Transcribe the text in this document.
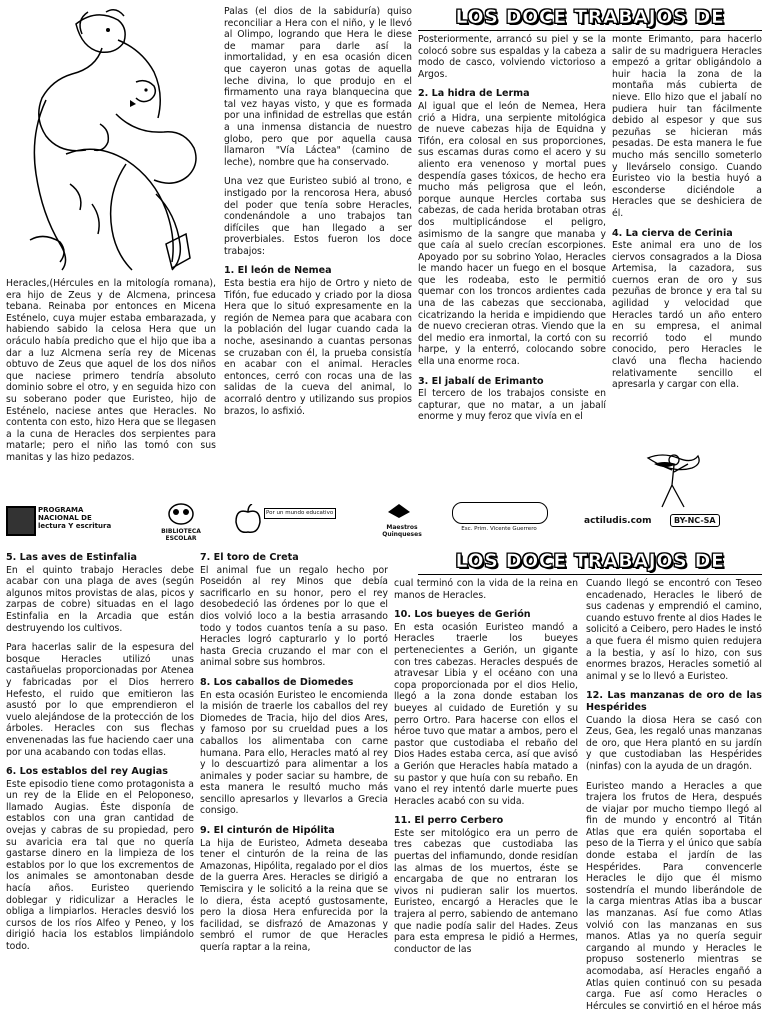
LOS DOCE TRABAJOS DE

Heracles,(Hércules en la mitología romana), era hijo de Zeus y de Alcmena, princesa tebana. Reinaba por entonces en Micena Esténelo, cuya mujer estaba embarazada, y habiendo sabido la celosa Hera que un oráculo había predicho que el hijo que iba a dar a luz Alcmena sería rey de Micenas obtuvo de Zeus que aquel de los dos niños que naciese primero tendría absoluto dominio sobre el otro, y en seguida hizo con su soberano poder que Euristeo, hijo de Esténelo, naciese antes que Heracles. No contenta con esto, hizo Hera que se llegasen a la cuna de Heracles dos serpientes para matarle; pero el niño las tomó con sus manitas y las hizo pedazos.

Palas (el dios de la sabiduría) quiso reconciliar a Hera con el niño, y le llevó al Olimpo, logrando que Hera le diese de mamar para darle así la inmortalidad, y en esa ocasión dicen que cayeron unas gotas de aquella leche divina, lo que produjo en el firmamento una raya blanquecina que tal vez hayas visto, y que es formada por una infinidad de estrellas que están a una inmensa distancia de nuestro globo, pero que por aquella causa llamaron "Vía Láctea" (camino de leche), nombre que ha conservado.

Una vez que Euristeo subió al trono, e instigado por la rencorosa Hera, abusó del poder que tenía sobre Heracles, condenándole a uno trabajos tan difíciles que han llegado a ser proverbiales. Estos fueron los doce trabajos:

1. El león de Nemea

Esta bestia era hijo de Ortro y nieto de Tifón, fue educado y criado por la diosa Hera que lo situó expresamente en la región de Nemea para que acabara con la población del lugar cuando cada la noche, asesinando a cuantas personas se cruzaban con él, la prueba consistía en acabar con el animal. Heracles entonces, cerró con rocas una de las salidas de la cueva del animal, lo acorraló dentro y utilizando sus propios brazos, lo asfixió.

Posteriormente, arrancó su piel y se la colocó sobre sus espaldas y la cabeza a modo de casco, volviendo victorioso a Argos.

2. La hidra de Lerma

Al igual que el león de Nemea, Hera crió a Hidra, una serpiente mitológica de nueve cabezas hija de Equidna y Tifón, era colosal en sus proporciones, sus escamas duras como el acero y su aliento era venenoso y mortal pues despendía gases tóxicos, de hecho era mucho más peligrosa que el león, porque aunque Hercles cortaba sus cabezas, de cada herida brotaban otras dos multiplicándose el peligro, asimismo de la sangre que manaba y que caía al suelo crecían escorpiones. Apoyado por su sobrino Yolao, Heracles le mando hacer un fuego en el bosque que les rodeaba, esto le permitió quemar con los troncos ardientes cada una de las cabezas que seccionaba, cicatrizando la herida e impidiendo que de nuevo crecieran otras. Viendo que la del medio era inmortal, la cortó con su harpe, y la enterró, colocando sobre ella una enorme roca.

3. El jabalí de Erimanto

El tercero de los trabajos consiste en capturar, que no matar, a un jabalí enorme y muy feroz que vivía en el

monte Erimanto, para hacerlo salir de su madriguera Heracles empezó a gritar obligándolo a huir hacia la zona de la montaña más cubierta de nieve. Ello hizo que el jabalí no pudiera huir tan fácilmente debido al espesor y que sus pezuñas se hicieran más pesadas. De esta manera le fue mucho más sencillo someterlo y llevárselo consigo. Cuando Euristeo vio la bestia huyó a esconderse diciéndole a Heracles que se deshiciera de él.

4. La cierva de Cerinia

Este animal era uno de los ciervos consagrados a la Diosa Artemisa, la cazadora, sus cuernos eran de oro y sus pezuñas de bronce y era tal su agilidad y velocidad que Heracles tardó un año entero en su empresa, el animal recorrió todo el mundo conocido, pero Heracles le clavó una flecha haciendo relativamente sencillo el apresarla y cargar con ella.

PROGRAMA NACIONAL DE lectura Y escritura
BIBLIOTECA ESCOLAR
Por un mundo educativo
Maestros Quinqueses
Esc. Prim. Vicente Guerrero
actiludis.com	BY-NC-SA
LOS DOCE TRABAJOS DE
5. Las aves de Estinfalia

En el quinto trabajo Heracles debe acabar con una plaga de aves (según algunos mitos provistas de alas, picos y zarpas de cobre) situadas en el lago Estinfalia en la Arcadia que están destruyendo los cultivos.

Para hacerlas salir de la espesura del bosque Heracles utilizó unas castañuelas proporcionadas por Atenea y fabricadas por el Dios herrero Hefesto, el ruido que emitieron las asustó por lo que emprendieron el vuelo alejándose de la protección de los árboles. Heracles con sus flechas envenenadas las fue haciendo caer una por una acabando con todas ellas.

6. Los establos del rey Augias

Este episodio tiene como protagonista a un rey de la Elide en el Peloponeso, llamado Augias. Éste disponía de establos con una gran cantidad de ovejas y cabras de su propiedad, pero su avaricia era tal que no quería gastarse dinero en la limpieza de los establos por lo que los excrementos de los animales se amontonaban desde hacía años. Euristeo queriendo doblegar y ridiculizar a Heracles le obliga a limpiarlos. Heracles desvió los cursos de los ríos Alfeo y Peneo, y los dirigió hacia los establos limpiándolo todo.

7. El toro de Creta

El animal fue un regalo hecho por Poseidón al rey Minos que debía sacrificarlo en su honor, pero el rey desobedeció las órdenes por lo que el dios volvió loco a la bestia arrasando todo y todos cuantos tenía a su paso. Heracles logró capturarlo y lo portó hasta Grecia cruzando el mar con el animal sobre sus hombros.

8. Los caballos de Diomedes

En esta ocasión Euristeo le encomienda la misión de traerle los caballos del rey Diomedes de Tracia, hijo del dios Ares, y famoso por su crueldad pues a los caballos los alimentaba con carne humana. Para ello, Heracles mató al rey y lo descuartizó para alimentar a los animales y poder saciar su hambre, de esta manera le resultó mucho más sencillo apresarlos y llevarlos a Grecia consigo.

9. El cinturón de Hipólita

La hija de Euristeo, Admeta deseaba tener el cinturón de la reina de las Amazonas, Hipólita, regalado por el dios de la guerra Ares. Heracles se dirigió a Temiscira y le solicitó a la reina que se lo diera, ésta aceptó gustosamente, pero la diosa Hera enfurecida por la facilidad, se disfrazó de Amazonas y sembró el rumor de que Heracles quería raptar a la reina,

cual terminó con la vida de la reina en manos de Heracles.

10. Los bueyes de Gerión

En esta ocasión Euristeo mandó a Heracles traerle los bueyes pertenecientes a Gerión, un gigante con tres cabezas. Heracles después de atravesar Libia y el océano con una copa proporcionada por el dios Helio, llegó a la zona donde estaban los bueyes al cuidado de Euretión y su perro Ortro. Para hacerse con ellos el héroe tuvo que matar a ambos, pero el pastor que custodiaba el rebaño del Dios Hades estaba cerca, así que avisó a Gerión que Heracles había matado a su pastor y que huía con su rebaño. En vano el rey intentó darle muerte pues Heracles acabó con su vida.

11. El perro Cerbero

Este ser mitológico era un perro de tres cabezas que custodiaba las puertas del infiamundo, donde residían las almas de los muertos, éste se encargaba de que no entraran los vivos ni pudieran salir los muertos. Euristeo, encargó a Heracles que le trajera al perro, sabiendo de antemano que nadie podía salir del Hades. Zeus para esta empresa le pidió a Hermes, conductor de las

Cuando llegó se encontró con Teseo encadenado, Heracles le liberó de sus cadenas y emprendió el camino, cuando estuvo frente al dios Hades le solicitó a Ceibero, pero Hades le instó a que fuera él mismo quien redujera a la bestia, y así lo hizo, con sus enormes brazos, Heracles sometió al animal y se lo llevó a Euristeo.

12. Las manzanas de oro de las Hespérides

Cuando la diosa Hera se casó con Zeus, Gea, les regaló unas manzanas de oro, que Hera plantó en su jardín y que custodiaban las Hespérides (ninfas) con la ayuda de un dragón.

Euristeo mando a Heracles a que trajera los frutos de Hera, después de viajar por mucho tiempo llegó al fin de mundo y encontró al Titán Atlas que era quién soportaba el peso de la Tierra y el único que sabía donde estaba el jardín de las Hespérides. Para convencerle Heracles le dijo que él mismo sostendría el mundo liberándole de la carga mientras Atlas iba a buscar las manzanas. Así fue como Atlas volvió con las manzanas en sus manos. Atlas ya no quería seguir cargando al mundo y Heracles le propuso sostenerlo mientras se acomodaba, así Heracles engañó a Atlas quien continuó con su pesada carga. Fue así como Heracles o Hércules se convirtió en el héroe más
